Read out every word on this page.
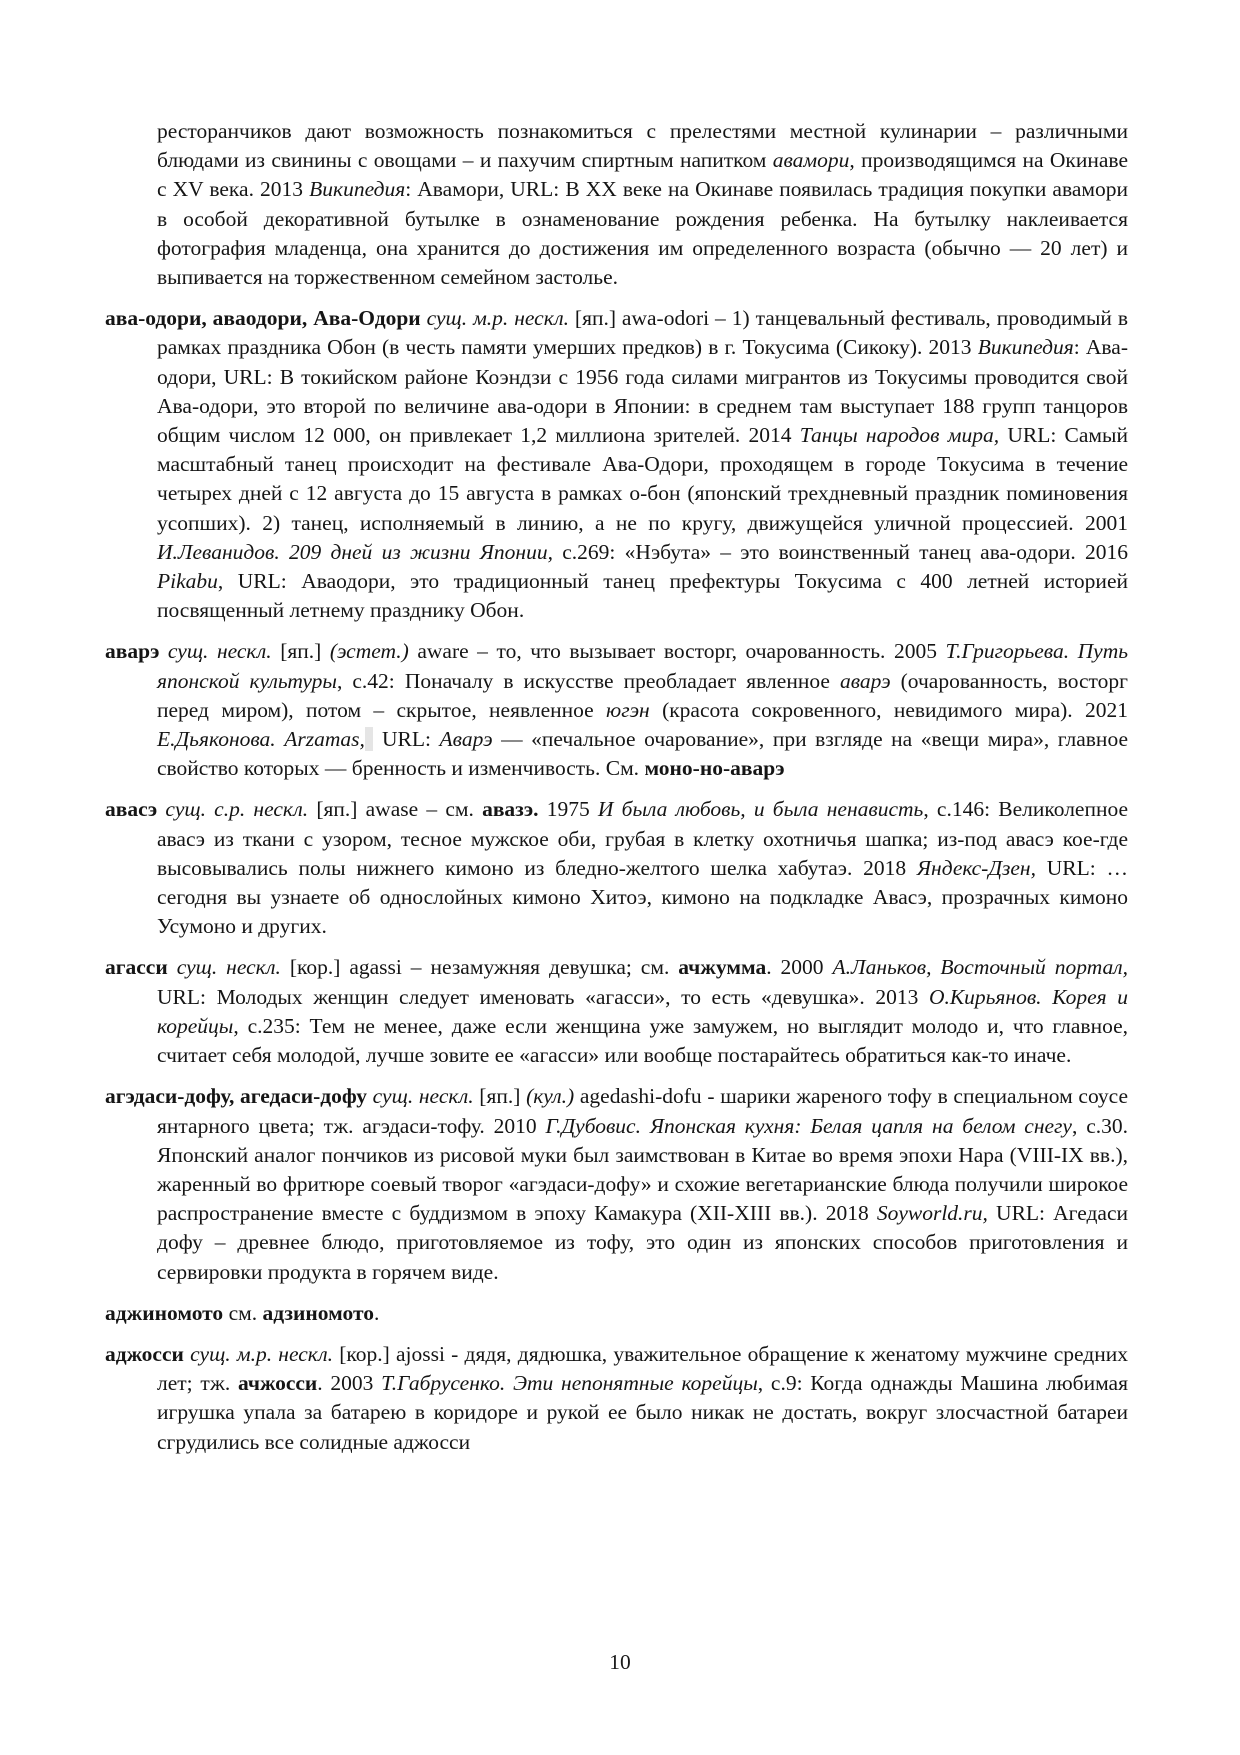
ресторанчиков дают возможность познакомиться с прелестями местной кулинарии – различными блюдами из свинины с овощами – и пахучим спиртным напитком авамори, производящимся на Окинаве с XV века. 2013 Википедия: Авамори, URL: В XX веке на Окинаве появилась традиция покупки авамори в особой декоративной бутылке в ознаменование рождения ребенка. На бутылку наклеивается фотография младенца, она хранится до достижения им определенного возраста (обычно — 20 лет) и выпивается на торжественном семейном застолье.

ава-одори, аваодори, Ава-Одори сущ. м.р. нескл. [яп.] awa-odori – 1) танцевальный фестиваль, проводимый в рамках праздника Обон (в честь памяти умерших предков) в г. Токусима (Сикоку). 2013 Википедия: Ава-одори, URL: В токийском районе Коэндзи с 1956 года силами мигрантов из Токусимы проводится свой Ава-одори, это второй по величине ава-одори в Японии: в среднем там выступает 188 групп танцоров общим числом 12 000, он привлекает 1,2 миллиона зрителей. 2014 Танцы народов мира, URL: Самый масштабный танец происходит на фестивале Ава-Одори, проходящем в городе Токусима в течение четырех дней с 12 августа до 15 августа в рамках о-бон (японский трехдневный праздник поминовения усопших). 2) танец, исполняемый в линию, а не по кругу, движущейся уличной процессией. 2001 И.Леванидов. 209 дней из жизни Японии, с.269: «Нэбута» – это воинственный танец ава-одори. 2016 Pikabu, URL: Аваодори, это традиционный танец префектуры Токусима с 400 летней историей посвященный летнему празднику Обон.

аварэ сущ. нескл. [яп.] (эстет.) aware – то, что вызывает восторг, очарованность. 2005 Т.Григорьева. Путь японской культуры, с.42: Поначалу в искусстве преобладает явленное аварэ (очарованность, восторг перед миром), потом – скрытое, неявленное югэн (красота сокровенного, невидимого мира). 2021 Е.Дьяконова. Arzamas,  URL: Аварэ — «печальное очарование», при взгляде на «вещи мира», главное свойство которых — бренность и изменчивость. См. моно-но-аварэ

авасэ сущ. с.р. нескл. [яп.] awase – см. авазэ. 1975 И была любовь, и была ненависть, с.146: Великолепное авасэ из ткани с узором, тесное мужское оби, грубая в клетку охотничья шапка; из-под авасэ кое-где высовывались полы нижнего кимоно из бледно-желтого шелка хабутаэ. 2018 Яндекс-Дзен, URL: …сегодня вы узнаете об однослойных кимоно Хитоэ, кимоно на подкладке Авасэ, прозрачных кимоно Усумоно и других.

агасси сущ. нескл. [кор.] agassi – незамужняя девушка; см. ачжумма. 2000 А.Ланьков, Восточный портал, URL: Молодых женщин следует именовать «агасси», то есть «девушка». 2013 О.Кирьянов. Корея и корейцы, с.235: Тем не менее, даже если женщина уже замужем, но выглядит молодо и, что главное, считает себя молодой, лучше зовите ее «агасси» или вообще постарайтесь обратиться как-то иначе.

агэдаси-дофу, агедаси-дофу сущ. нескл. [яп.] (кул.) agedashi-dofu - шарики жареного тофу в специальном соусе янтарного цвета; тж. агэдаси-тофу. 2010 Г.Дубовис. Японская кухня: Белая цапля на белом снегу, с.30. Японский аналог пончиков из рисовой муки был заимствован в Китае во время эпохи Нара (VIII-IX вв.), жаренный во фритюре соевый творог «агэдаси-дофу» и схожие вегетарианские блюда получили широкое распространение вместе с буддизмом в эпоху Камакура (XII-XIII вв.). 2018 Soyworld.ru, URL: Агедаси дофу – древнее блюдо, приготовляемое из тофу, это один из японских способов приготовления и сервировки продукта в горячем виде.

аджиномото см. адзиномото.

аджосси сущ. м.р. нескл. [кор.] ajossi - дядя, дядюшка, уважительное обращение к женатому мужчине средних лет; тж. ачжосси. 2003 Т.Габрусенко. Эти непонятные корейцы, с.9: Когда однажды Машина любимая игрушка упала за батарею в коридоре и рукой ее было никак не достать, вокруг злосчастной батареи сгрудились все солидные аджосси

10
